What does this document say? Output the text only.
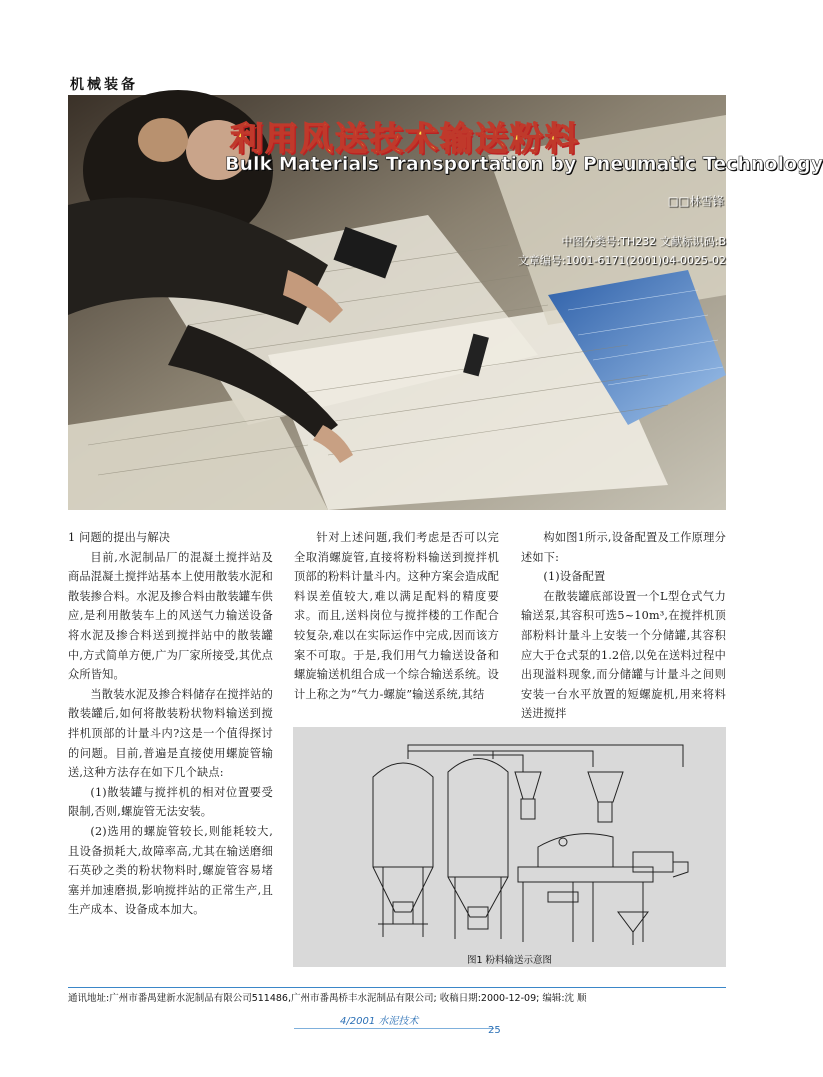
机械装备
利用风送技术输送粉料
Bulk Materials Transportation by Pneumatic Technology
□□林雪锋
中图分类号:TH232 文献标识码:B
文章编号:1001-6171(2001)04-0025-02
1 问题的提出与解决

目前,水泥制品厂的混凝土搅拌站及商品混凝土搅拌站基本上使用散装水泥和散装掺合料。水泥及掺合料由散装罐车供应,是利用散装车上的风送气力输送设备将水泥及掺合料送到搅拌站中的散装罐中,方式简单方便,广为厂家所接受,其优点众所皆知。

当散装水泥及掺合料储存在搅拌站的散装罐后,如何将散装粉状物料输送到搅拌机顶部的计量斗内?这是一个值得探讨的问题。目前,普遍是直接使用螺旋管输送,这种方法存在如下几个缺点:

(1)散装罐与搅拌机的相对位置要受限制,否则,螺旋管无法安装。

(2)选用的螺旋管较长,则能耗较大,且设备损耗大,故障率高,尤其在输送磨细石英砂之类的粉状物料时,螺旋管容易堵塞并加速磨损,影响搅拌站的正常生产,且生产成本、设备成本加大。

针对上述问题,我们考虑是否可以完全取消螺旋管,直接将粉料输送到搅拌机顶部的粉料计量斗内。这种方案会造成配料误差值较大,难以满足配料的精度要求。而且,送料岗位与搅拌楼的工作配合较复杂,难以在实际运作中完成,因而该方案不可取。于是,我们用气力输送设备和螺旋输送机组合成一个综合输送系统。设计上称之为“气力-螺旋”输送系统,其结

构如图1所示,设备配置及工作原理分述如下:

(1)设备配置

在散装罐底部设置一个L型仓式气力输送泵,其容积可选5~10m³,在搅拌机顶部粉料计量斗上安装一个分储罐,其容积应大于仓式泵的1.2倍,以免在送料过程中出现溢料现象,而分储罐与计量斗之间则安装一台水平放置的短螺旋机,用来将料送进搅拌

图1 粉料输送示意图
通讯地址:广州市番禺建新水泥制品有限公司511486,广州市番禺桥丰水泥制品有限公司; 收稿日期:2000-12-09; 编辑:沈 顺
4/2001 水泥技术
25
